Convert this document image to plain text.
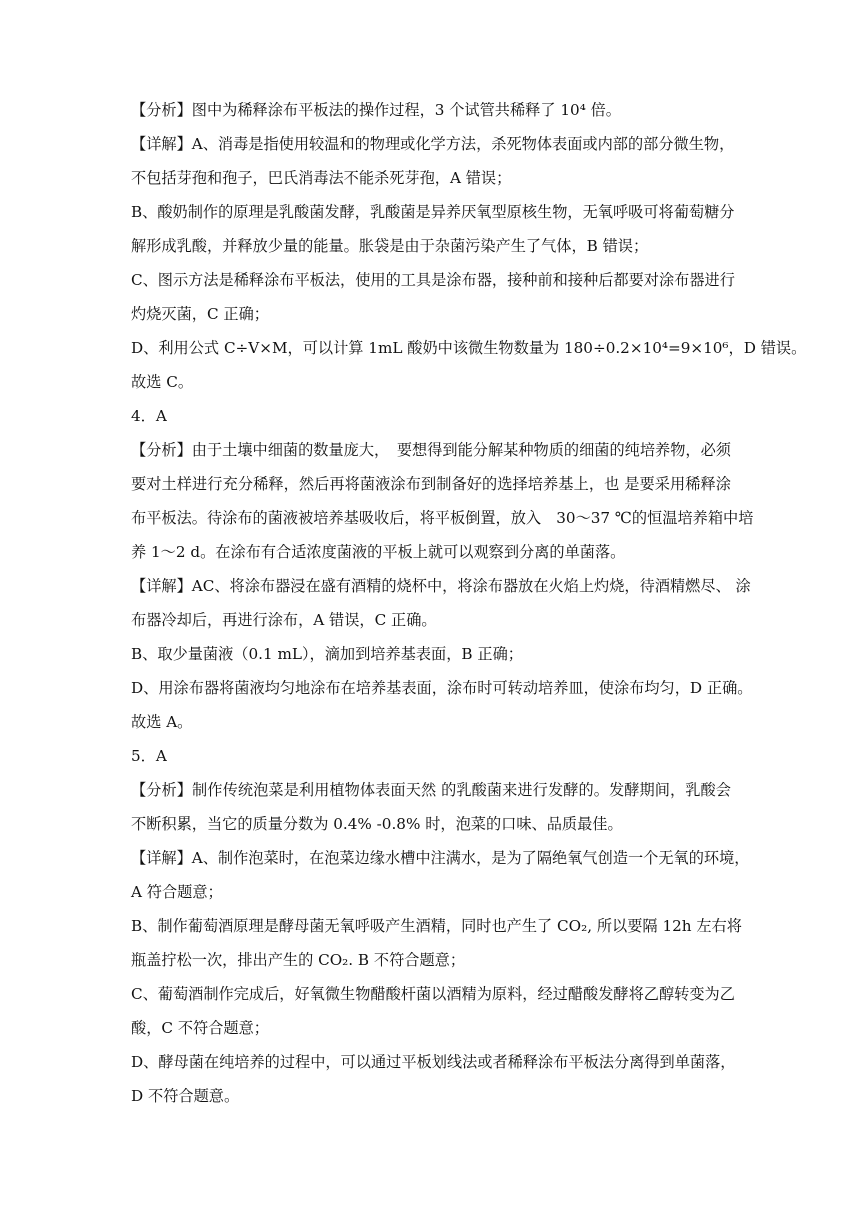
【分析】图中为稀释涂布平板法的操作过程，3 个试管共稀释了 10⁴ 倍。
【详解】A、消毒是指使用较温和的物理或化学方法，杀死物体表面或内部的部分微生物，
不包括芽孢和孢子，巴氏消毒法不能杀死芽孢，A 错误；
B、酸奶制作的原理是乳酸菌发酵，乳酸菌是异养厌氧型原核生物，无氧呼吸可将葡萄糖分
解形成乳酸，并释放少量的能量。胀袋是由于杂菌污染产生了气体，B 错误；
C、图示方法是稀释涂布平板法，使用的工具是涂布器，接种前和接种后都要对涂布器进行
灼烧灭菌，C 正确；
D、利用公式 C÷V×M，可以计算 1mL 酸奶中该微生物数量为 180÷0.2×10⁴=9×10⁶，D 错误。
故选 C。
4．A
【分析】由于土壤中细菌的数量庞大，　要想得到能分解某种物质的细菌的纯培养物，必须
要对土样进行充分稀释，然后再将菌液涂布到制备好的选择培养基上，也 是要采用稀释涂
布平板法。待涂布的菌液被培养基吸收后，将平板倒置，放入　30～37 ℃的恒温培养箱中培
养 1～2 d。在涂布有合适浓度菌液的平板上就可以观察到分离的单菌落。
【详解】AC、将涂布器浸在盛有酒精的烧杯中，将涂布器放在火焰上灼烧，待酒精燃尽、 涂
布器冷却后，再进行涂布，A 错误，C 正确。
B、取少量菌液（0.1 mL），滴加到培养基表面，B 正确；
D、用涂布器将菌液均匀地涂布在培养基表面，涂布时可转动培养皿，使涂布均匀，D 正确。
故选 A。
5．A
【分析】制作传统泡菜是利用植物体表面天然 的乳酸菌来进行发酵的。发酵期间，乳酸会
不断积累，当它的质量分数为 0.4% -0.8% 时，泡菜的口味、品质最佳。
【详解】A、制作泡菜时，在泡菜边缘水槽中注满水，是为了隔绝氧气创造一个无氧的环境，
A 符合题意；
B、制作葡萄酒原理是酵母菌无氧呼吸产生酒精，同时也产生了 CO₂, 所以要隔 12h 左右将
瓶盖拧松一次，排出产生的 CO₂. B 不符合题意；
C、葡萄酒制作完成后，好氧微生物醋酸杆菌以酒精为原料，经过醋酸发酵将乙醇转变为乙
酸，C 不符合题意；
D、酵母菌在纯培养的过程中，可以通过平板划线法或者稀释涂布平板法分离得到单菌落，
D 不符合题意。
